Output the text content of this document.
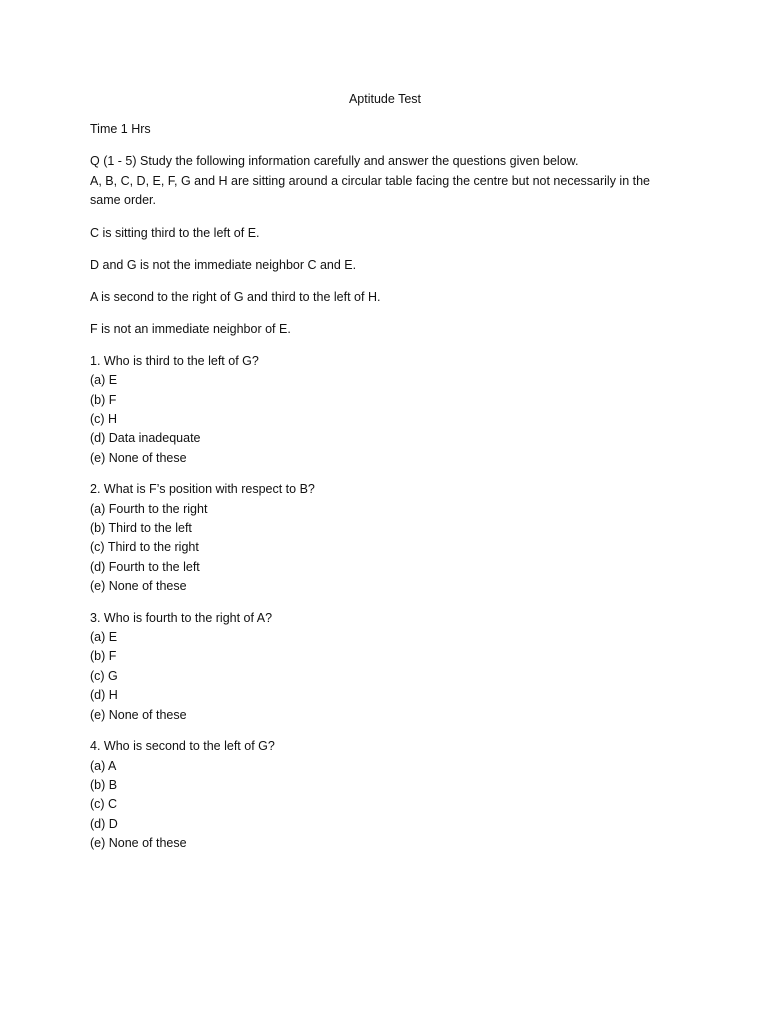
Aptitude Test
Time 1 Hrs

Q (1 - 5) Study the following information carefully and answer the questions given below.

A, B, C, D, E, F, G and H are sitting around a circular table facing the centre but not necessarily in the

same order.

C is sitting third to the left of E.
D and G is not the immediate neighbor C and E.
A is second to the right of G and third to the left of H.
F is not an immediate neighbor of E.
1. Who is third to the left of G?
(a) E
(b) F
(c) H
(d) Data inadequate
(e) None of these
2. What is F’s position with respect to B?
(a) Fourth to the right
(b) Third to the left
(c) Third to the right
(d) Fourth to the left
(e) None of these
3. Who is fourth to the right of A?
(a) E
(b) F
(c) G
(d) H
(e) None of these
4. Who is second to the left of G?
(a) A
(b) B
(c) C
(d) D
(e) None of these
